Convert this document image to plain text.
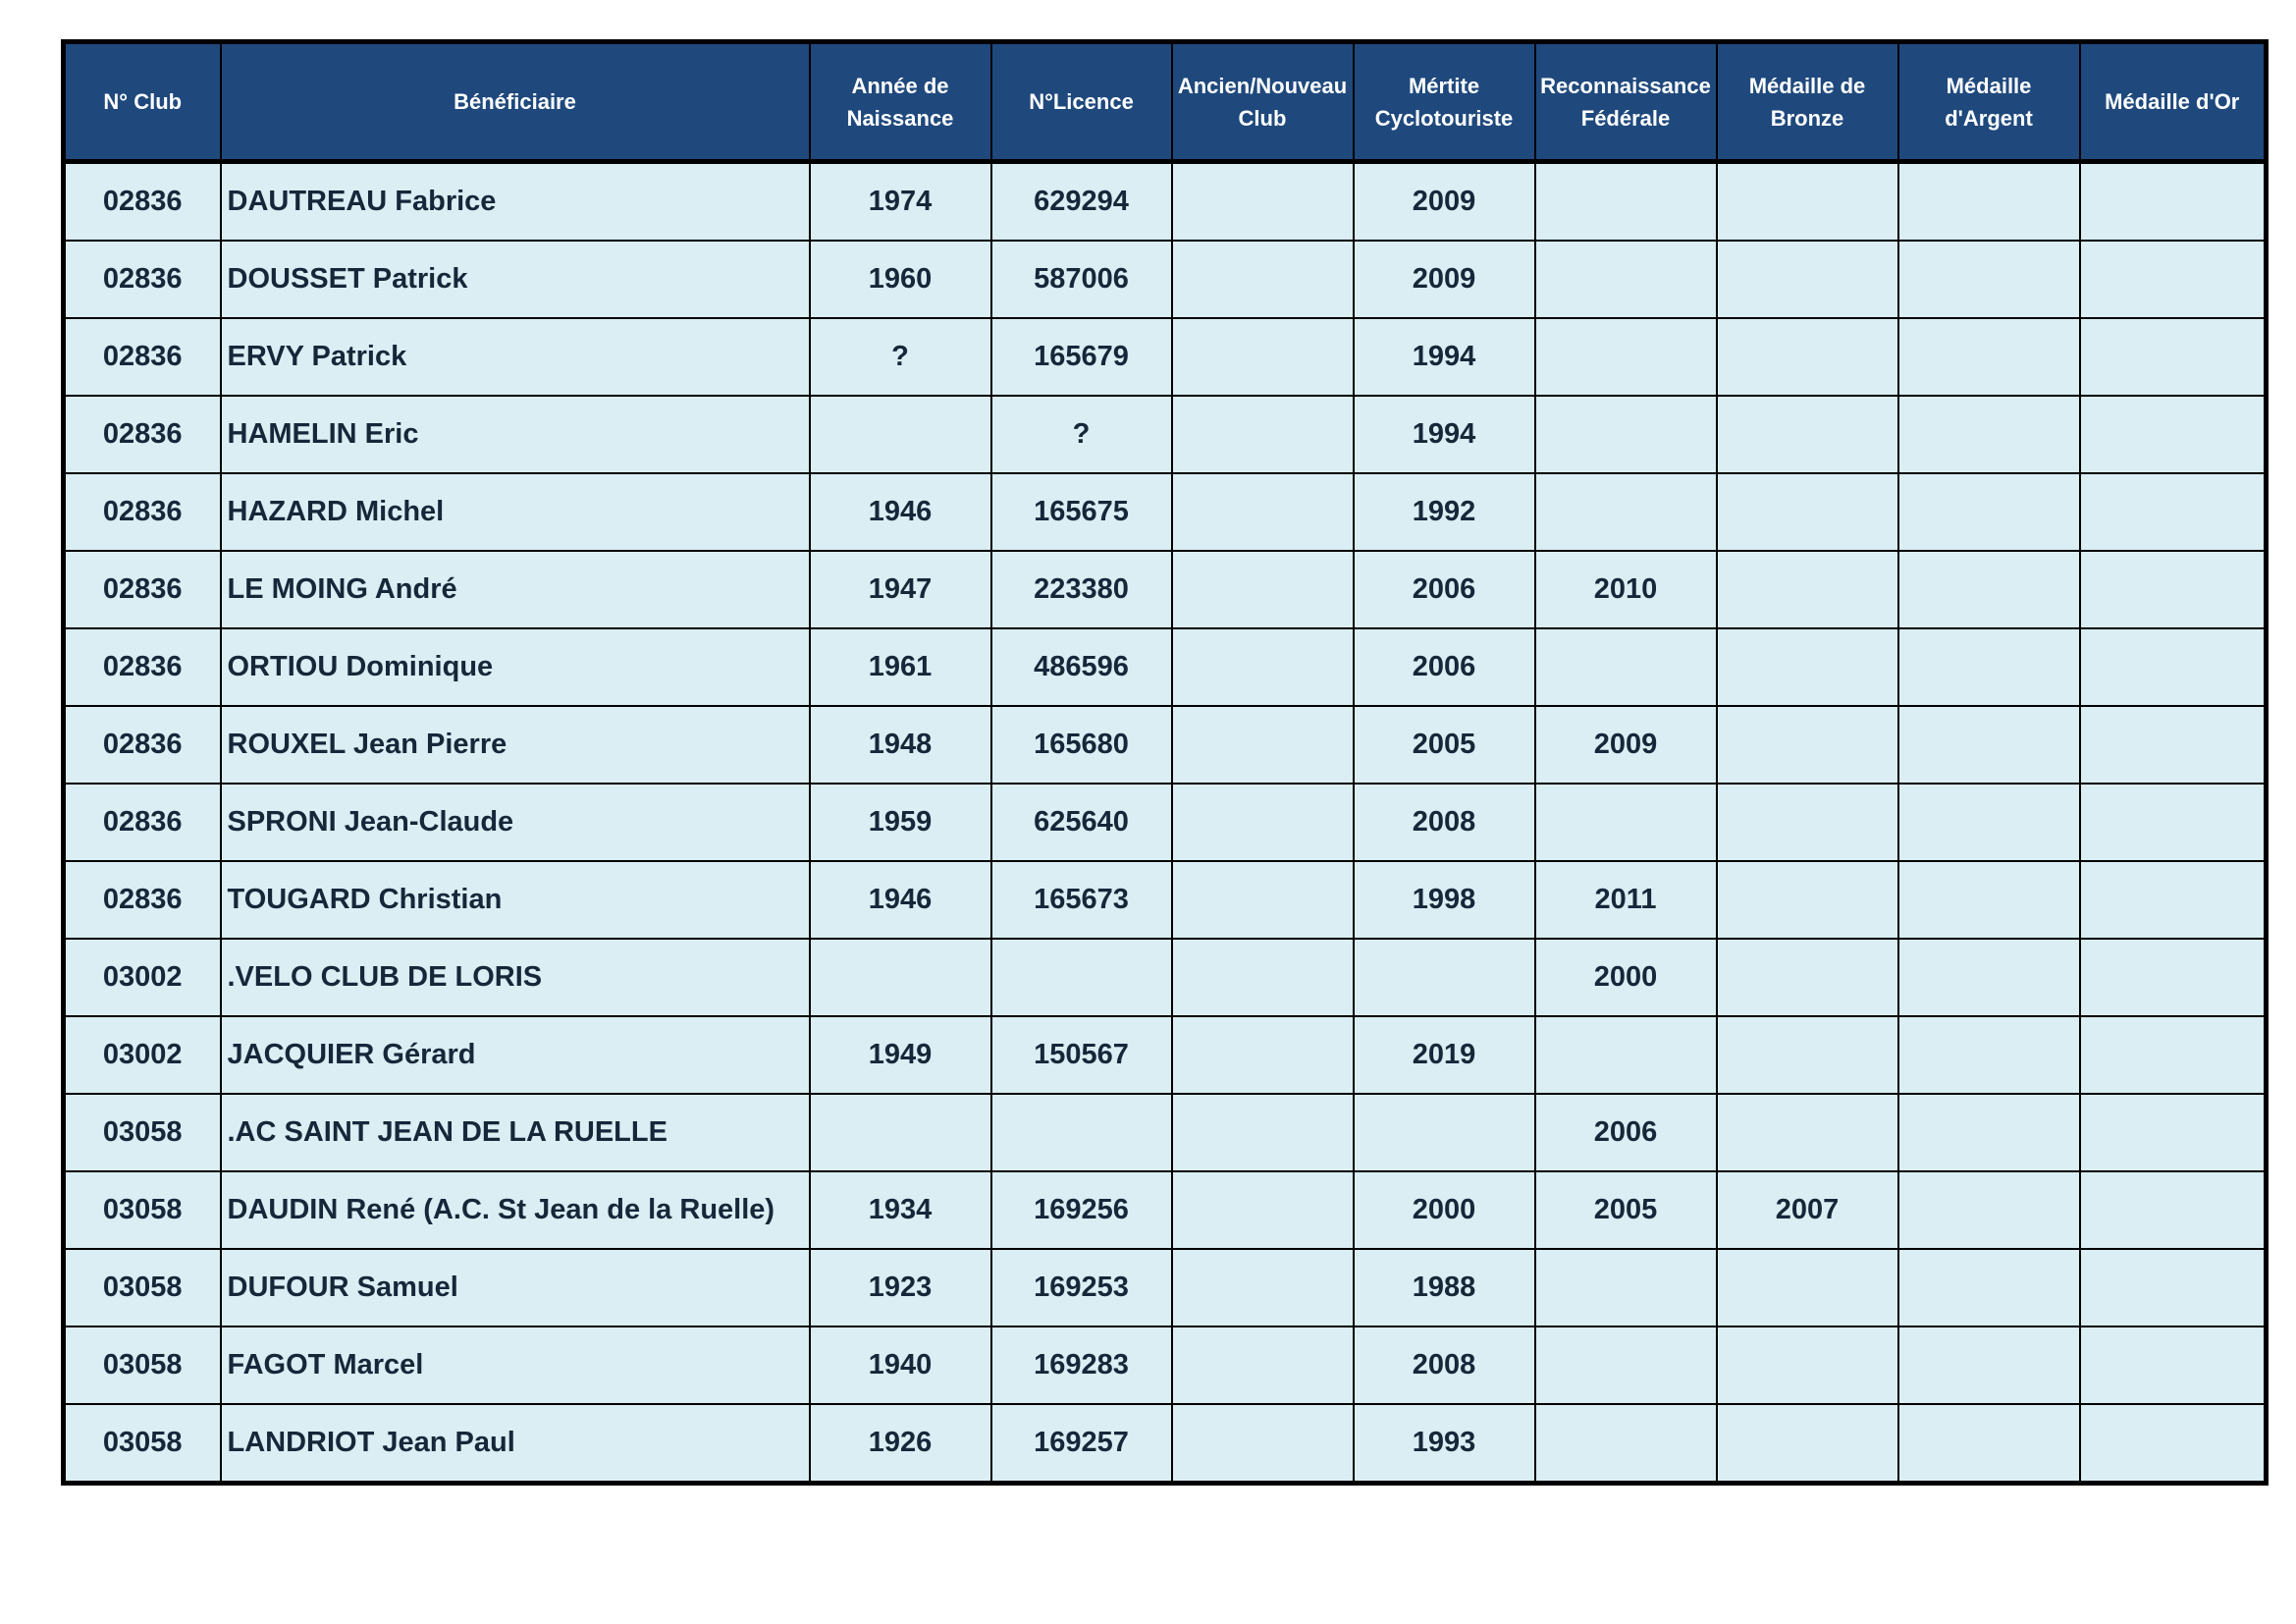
N° Club	Bénéficiaire	Année de Naissance	N°Licence	Ancien/Nouveau Club	Mértite Cyclotouriste	Reconnaissance Fédérale	Médaille de Bronze	Médaille d'Argent	Médaille d'Or
02836	DAUTREAU Fabrice	1974	629294		2009				
02836	DOUSSET Patrick	1960	587006		2009				
02836	ERVY Patrick	?	165679		1994				
02836	HAMELIN Eric		?		1994				
02836	HAZARD Michel	1946	165675		1992				
02836	LE MOING André	1947	223380		2006	2010			
02836	ORTIOU Dominique	1961	486596		2006				
02836	ROUXEL Jean Pierre	1948	165680		2005	2009			
02836	SPRONI Jean-Claude	1959	625640		2008				
02836	TOUGARD Christian	1946	165673		1998	2011			
03002	.VELO CLUB DE LORIS					2000			
03002	JACQUIER Gérard	1949	150567		2019				
03058	.AC SAINT JEAN DE LA RUELLE					2006			
03058	DAUDIN René (A.C. St Jean de la Ruelle)	1934	169256		2000	2005	2007		
03058	DUFOUR Samuel	1923	169253		1988				
03058	FAGOT Marcel	1940	169283		2008				
03058	LANDRIOT Jean Paul	1926	169257		1993				
